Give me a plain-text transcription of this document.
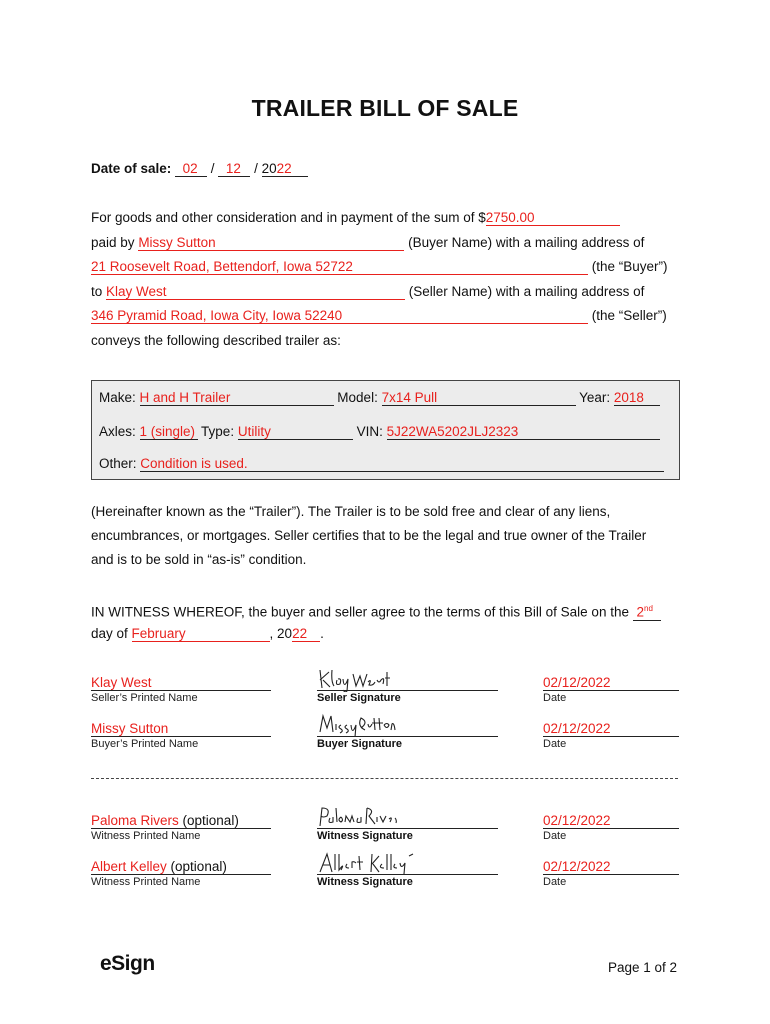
TRAILER BILL OF SALE
Date of sale: 02 /   12 / 2022
For goods and other consideration and in payment of the sum of $2750.00
paid by Missy Sutton	(Buyer Name) with a mailing address of
21 Roosevelt Road, Bettendorf, Iowa 52722	(the “Buyer”)
to Klay West	(Seller Name) with a mailing address of
346 Pyramid Road, Iowa City, Iowa 52240	(the “Seller”)
conveys the following described trailer as:
Make: H and H Trailer	Model: 7x14 Pull	Year: 2018
Axles: 1 (single) Type: Utility	VIN: 5J22WA5202JLJ2323
Other: Condition is used.
(Hereinafter known as the “Trailer”). The Trailer is to be sold free and clear of any liens,
encumbrances, or mortgages. Seller certifies that to be the legal and true owner of the Trailer
and is to be sold in “as-is” condition.
IN WITNESS WHEREOF, the buyer and seller agree to the terms of this Bill of Sale on the 2nd
day of February	, 2022 .
Klay West
Seller’s Printed Name	Seller Signature
02/12/2022
Date
Missy Sutton
Buyer’s Printed Name	Buyer Signature
02/12/2022
Date
Paloma Rivers (optional)
Witness Printed Name	Witness Signature
02/12/2022
Date
Albert Kelley (optional)
Witness Printed Name	Witness Signature
02/12/2022
Date
eSign	Page 1 of 2
